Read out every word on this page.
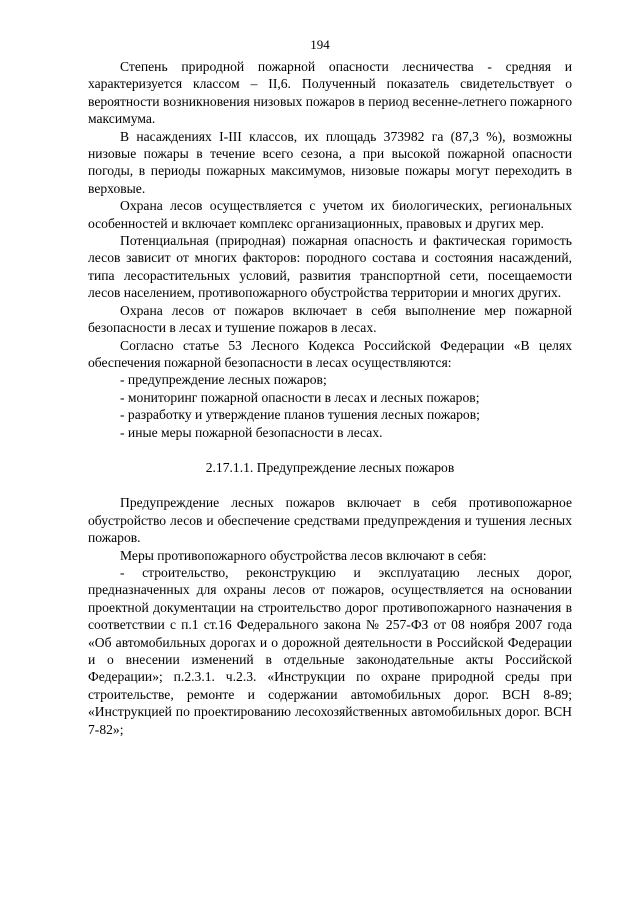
194

Степень природной пожарной опасности лесничества - средняя и характеризуется классом – II,6. Полученный показатель свидетельствует о вероятности возникновения низовых пожаров в период весенне-летнего пожарного максимума.

В насаждениях I-III классов, их площадь 373982 га (87,3 %), возможны низовые пожары в течение всего сезона, а при высокой пожарной опасности погоды, в периоды пожарных максимумов, низовые пожары могут переходить в верховые.

Охрана лесов осуществляется с учетом их биологических, региональных особенностей и включает комплекс организационных, правовых и других мер.

Потенциальная (природная) пожарная опасность и фактическая горимость лесов зависит от многих факторов: породного состава и состояния насаждений, типа лесорастительных условий, развития транспортной сети, посещаемости лесов населением, противопожарного обустройства территории и многих других.

Охрана лесов от пожаров включает в себя выполнение мер пожарной безопасности в лесах и тушение пожаров в лесах.

Согласно статье 53 Лесного Кодекса Российской Федерации «В целях обеспечения пожарной безопасности в лесах осуществляются:

- предупреждение лесных пожаров;

- мониторинг пожарной опасности в лесах и лесных пожаров;

- разработку и утверждение планов тушения лесных пожаров;

- иные меры пожарной безопасности в лесах.

2.17.1.1. Предупреждение лесных пожаров

Предупреждение лесных пожаров включает в себя противопожарное обустройство лесов и обеспечение средствами предупреждения и тушения лесных пожаров.

Меры противопожарного обустройства лесов включают в себя:

- строительство, реконструкцию и эксплуатацию лесных дорог, предназначенных для охраны лесов от пожаров, осуществляется на основании проектной документации на строительство дорог противопожарного назначения в соответствии с п.1 ст.16 Федерального закона № 257-ФЗ от 08 ноября 2007 года «Об автомобильных дорогах и о дорожной деятельности в Российской Федерации и о внесении изменений в отдельные законодательные акты Российской Федерации»; п.2.3.1. ч.2.3. «Инструкции по охране природной среды при строительстве, ремонте и содержании автомобильных дорог. ВСН 8-89; «Инструкцией по проектированию лесохозяйственных автомобильных дорог. ВСН 7-82»;
